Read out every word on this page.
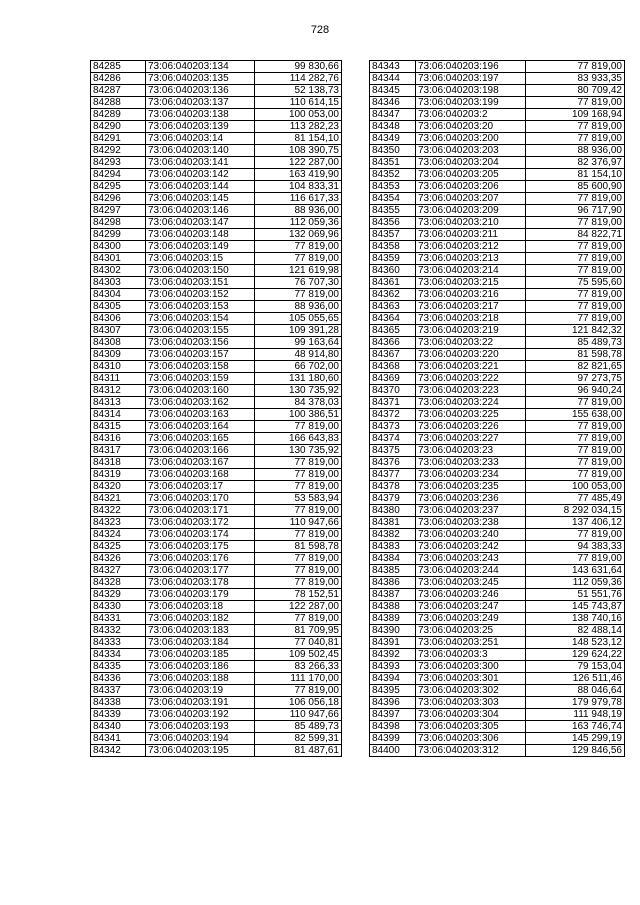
728
84285	73:06:040203:134	99 830,66
84286	73:06:040203:135	114 282,76
84287	73:06:040203:136	52 138,73
84288	73:06:040203:137	110 614,15
84289	73:06:040203:138	100 053,00
84290	73:06:040203:139	113 282,23
84291	73:06:040203:14	81 154,10
84292	73:06:040203:140	108 390,75
84293	73:06:040203:141	122 287,00
84294	73:06:040203:142	163 419,90
84295	73:06:040203:144	104 833,31
84296	73:06:040203:145	116 617,33
84297	73:06:040203:146	88 936,00
84298	73:06:040203:147	112 059,36
84299	73:06:040203:148	132 069,96
84300	73:06:040203:149	77 819,00
84301	73:06:040203:15	77 819,00
84302	73:06:040203:150	121 619,98
84303	73:06:040203:151	76 707,30
84304	73:06:040203:152	77 819,00
84305	73:06:040203:153	88 936,00
84306	73:06:040203:154	105 055,65
84307	73:06:040203:155	109 391,28
84308	73:06:040203:156	99 163,64
84309	73:06:040203:157	48 914,80
84310	73:06:040203:158	66 702,00
84311	73:06:040203:159	131 180,60
84312	73:06:040203:160	130 735,92
84313	73:06:040203:162	84 378,03
84314	73:06:040203:163	100 386,51
84315	73:06:040203:164	77 819,00
84316	73:06:040203:165	166 643,83
84317	73:06:040203:166	130 735,92
84318	73:06:040203:167	77 819,00
84319	73:06:040203:168	77 819,00
84320	73:06:040203:17	77 819,00
84321	73:06:040203:170	53 583,94
84322	73:06:040203:171	77 819,00
84323	73:06:040203:172	110 947,66
84324	73:06:040203:174	77 819,00
84325	73:06:040203:175	81 598,78
84326	73:06:040203:176	77 819,00
84327	73:06:040203:177	77 819,00
84328	73:06:040203:178	77 819,00
84329	73:06:040203:179	78 152,51
84330	73:06:040203:18	122 287,00
84331	73:06:040203:182	77 819,00
84332	73:06:040203:183	81 709,95
84333	73:06:040203:184	77 040,81
84334	73:06:040203:185	109 502,45
84335	73:06:040203:186	83 266,33
84336	73:06:040203:188	111 170,00
84337	73:06:040203:19	77 819,00
84338	73:06:040203:191	106 056,18
84339	73:06:040203:192	110 947,66
84340	73:06:040203:193	85 489,73
84341	73:06:040203:194	82 599,31
84342	73:06:040203:195	81 487,61
84343	73:06:040203:196	77 819,00
84344	73:06:040203:197	83 933,35
84345	73:06:040203:198	80 709,42
84346	73:06:040203:199	77 819,00
84347	73:06:040203:2	109 168,94
84348	73:06:040203:20	77 819,00
84349	73:06:040203:200	77 819,00
84350	73:06:040203:203	88 936,00
84351	73:06:040203:204	82 376,97
84352	73:06:040203:205	81 154,10
84353	73:06:040203:206	85 600,90
84354	73:06:040203:207	77 819,00
84355	73:06:040203:209	96 717,90
84356	73:06:040203:210	77 819,00
84357	73:06:040203:211	84 822,71
84358	73:06:040203:212	77 819,00
84359	73:06:040203:213	77 819,00
84360	73:06:040203:214	77 819,00
84361	73:06:040203:215	75 595,60
84362	73:06:040203:216	77 819,00
84363	73:06:040203:217	77 819,00
84364	73:06:040203:218	77 819,00
84365	73:06:040203:219	121 842,32
84366	73:06:040203:22	85 489,73
84367	73:06:040203:220	81 598,78
84368	73:06:040203:221	82 821,65
84369	73:06:040203:222	97 273,75
84370	73:06:040203:223	96 940,24
84371	73:06:040203:224	77 819,00
84372	73:06:040203:225	155 638,00
84373	73:06:040203:226	77 819,00
84374	73:06:040203:227	77 819,00
84375	73:06:040203:23	77 819,00
84376	73:06:040203:233	77 819,00
84377	73:06:040203:234	77 819,00
84378	73:06:040203:235	100 053,00
84379	73:06:040203:236	77 485,49
84380	73:06:040203:237	8 292 034,15
84381	73:06:040203:238	137 406,12
84382	73:06:040203:240	77 819,00
84383	73:06:040203:242	94 383,33
84384	73:06:040203:243	77 819,00
84385	73:06:040203:244	143 631,64
84386	73:06:040203:245	112 059,36
84387	73:06:040203:246	51 551,76
84388	73:06:040203:247	145 743,87
84389	73:06:040203:249	138 740,16
84390	73:06:040203:25	82 488,14
84391	73:06:040203:251	148 523,12
84392	73:06:040203:3	129 624,22
84393	73:06:040203:300	79 153,04
84394	73:06:040203:301	126 511,46
84395	73:06:040203:302	88 046,64
84396	73:06:040203:303	179 979,78
84397	73:06:040203:304	111 948,19
84398	73:06:040203:305	163 746,74
84399	73:06:040203:306	145 299,19
84400	73:06:040203:312	129 846,56
